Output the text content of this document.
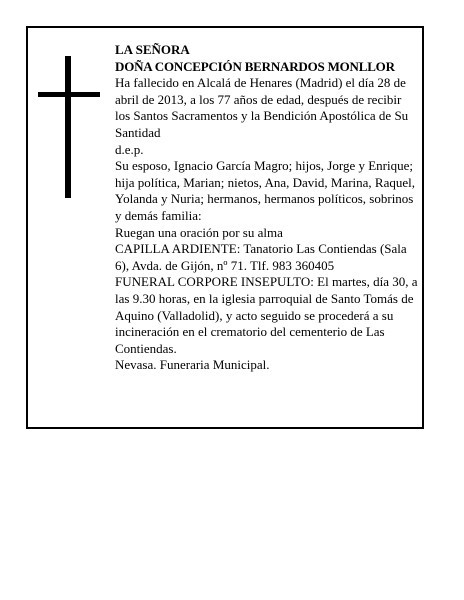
LA SEÑORA

DOÑA CONCEPCIÓN BERNARDOS MONLLOR

Ha fallecido en Alcalá de Henares (Madrid) el día 28 de abril de 2013, a los 77 años de edad, después de recibir los Santos Sacramentos y la Bendición Apostólica de Su Santidad

d.e.p.

Su esposo, Ignacio García Magro; hijos, Jorge y Enrique; hija política, Marian; nietos, Ana, David, Marina, Raquel, Yolanda y Nuria; hermanos, hermanos políticos, sobrinos y demás familia:

Ruegan una oración por su alma

CAPILLA ARDIENTE: Tanatorio Las Contiendas (Sala 6), Avda. de Gijón, nº 71. Tlf. 983 360405

FUNERAL CORPORE INSEPULTO: El martes, día 30, a las 9.30 horas, en la iglesia parroquial de Santo Tomás de Aquino (Valladolid), y acto seguido se procederá a su incineración en el crematorio del cementerio de Las Contiendas.

Nevasa. Funeraria Municipal.
